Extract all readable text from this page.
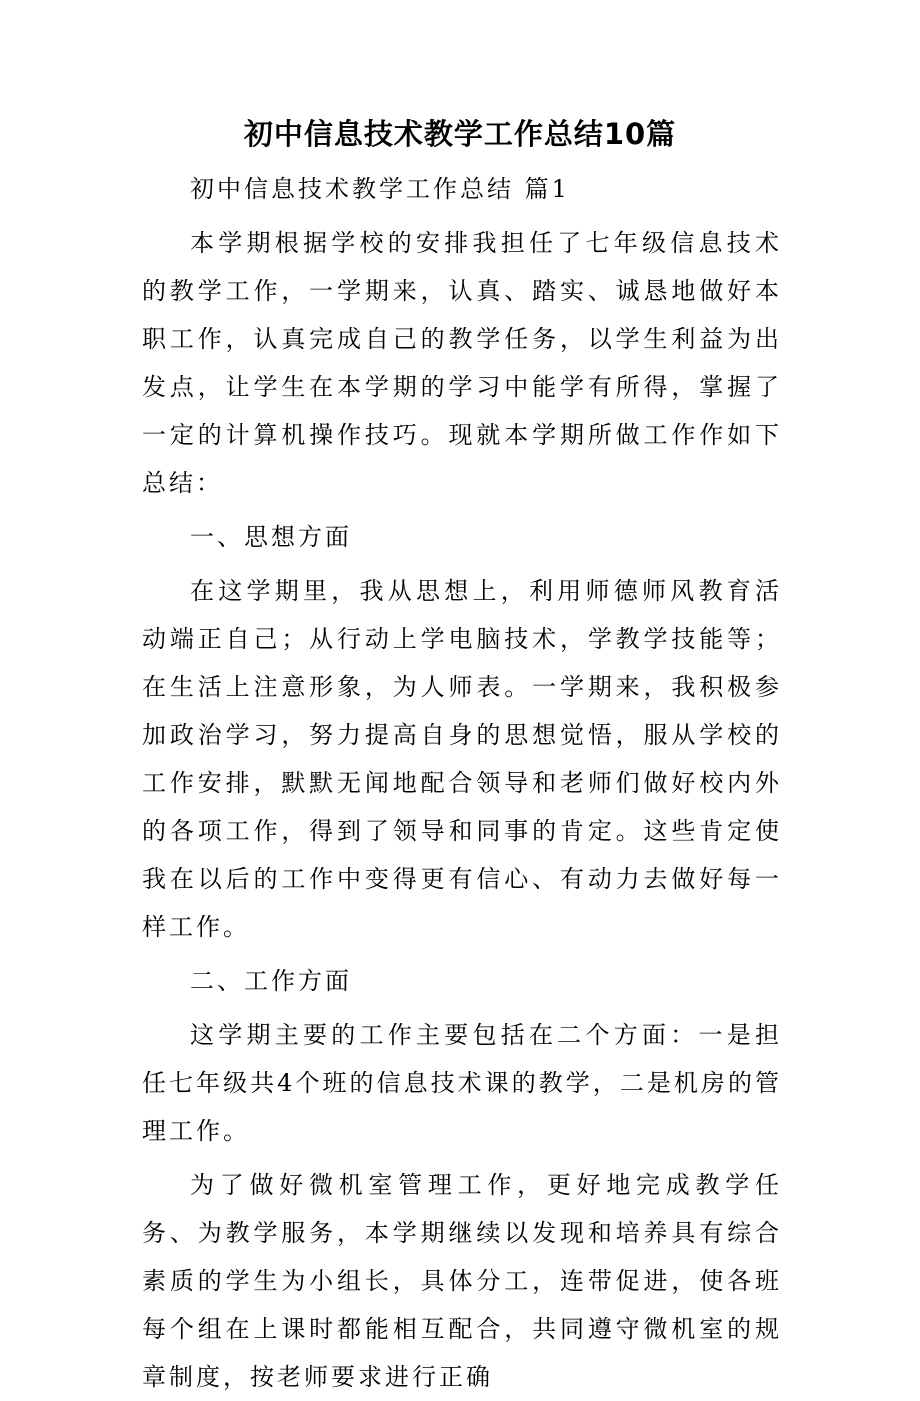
初中信息技术教学工作总结10篇

初中信息技术教学工作总结 篇1

本学期根据学校的安排我担任了七年级信息技术的教学工作，一学期来，认真、踏实、诚恳地做好本职工作，认真完成自己的教学任务，以学生利益为出发点，让学生在本学期的学习中能学有所得，掌握了一定的计算机操作技巧。现就本学期所做工作作如下总结：

一、思想方面

在这学期里，我从思想上，利用师德师风教育活动端正自己；从行动上学电脑技术，学教学技能等；在生活上注意形象，为人师表。一学期来，我积极参加政治学习，努力提高自身的思想觉悟，服从学校的工作安排，默默无闻地配合领导和老师们做好校内外的各项工作，得到了领导和同事的肯定。这些肯定使我在以后的工作中变得更有信心、有动力去做好每一样工作。

二、工作方面

这学期主要的工作主要包括在二个方面：一是担任七年级共4个班的信息技术课的教学，二是机房的管理工作。

为了做好微机室管理工作，更好地完成教学任务、为教学服务，本学期继续以发现和培养具有综合素质的学生为小组长，具体分工，连带促进，使各班每个组在上课时都能相互配合，共同遵守微机室的规章制度，按老师要求进行正确
